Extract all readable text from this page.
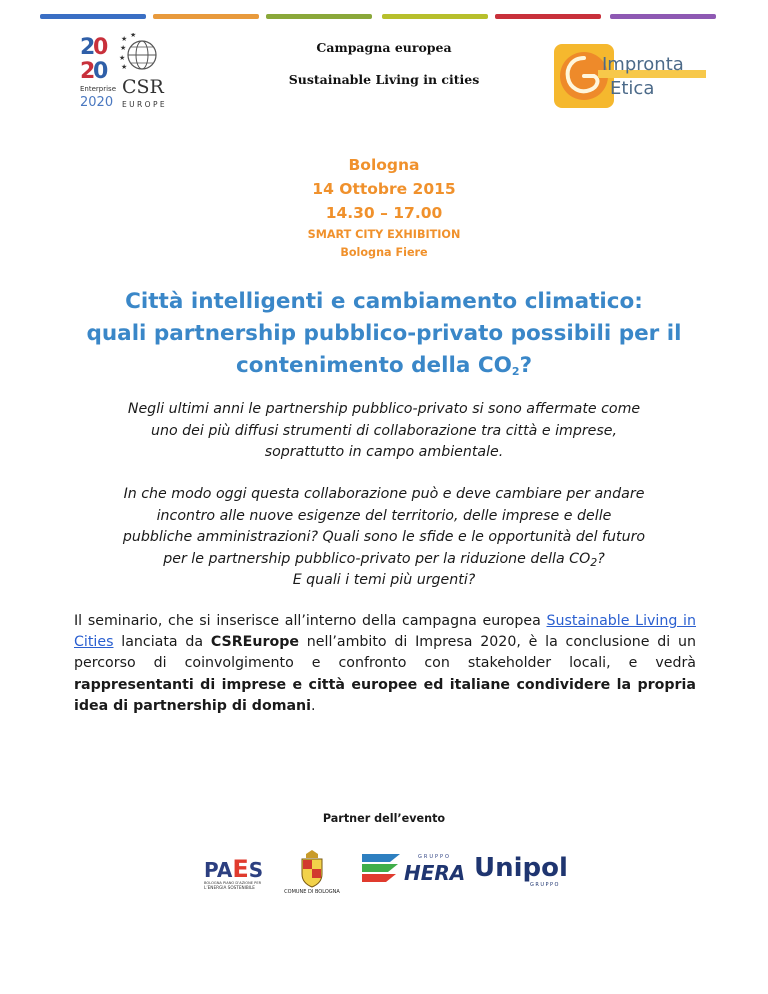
2
0
2
0
Enterprise
2020
★ ★
★
★
★
CSR
EUROPE
Campagna europea
Sustainable Living in cities
Impronta
Etica
Bologna
14 Ottobre 2015
14.30 – 17.00
SMART CITY EXHIBITION
Bologna Fiere
Città intelligenti e cambiamento climatico:
quali partnership pubblico-privato possibili per il
contenimento della $CO_2$?
Negli ultimi anni le partnership pubblico-privato si sono affermate come
uno dei più diffusi strumenti di collaborazione tra città e imprese,
soprattutto in campo ambientale.
In che modo oggi questa collaborazione può e deve cambiare per andare
incontro alle nuove esigenze del territorio, delle imprese e delle
pubbliche amministrazioni? Quali sono le sfide e le opportunità del futuro
per le partnership pubblico-privato per la riduzione della $CO_2$?
E quali i temi più urgenti?
Il seminario, che si inserisce all’interno della campagna europea Sustainable Living in Cities lanciata da CSREurope nell’ambito di Impresa 2020, è la conclusione di un percorso di coinvolgimento e confronto con stakeholder locali, e vedrà rappresentanti di imprese e città europee ed italiane condividere la propria idea di partnership di domani.
Partner dell’evento
PAES
BOLOGNA PIANO D’AZIONE PER
L’ENERGIA SOSTENIBILE
COMUNE DI BOLOGNA
GRUPPO
HERA Unipol
GRUPPO
